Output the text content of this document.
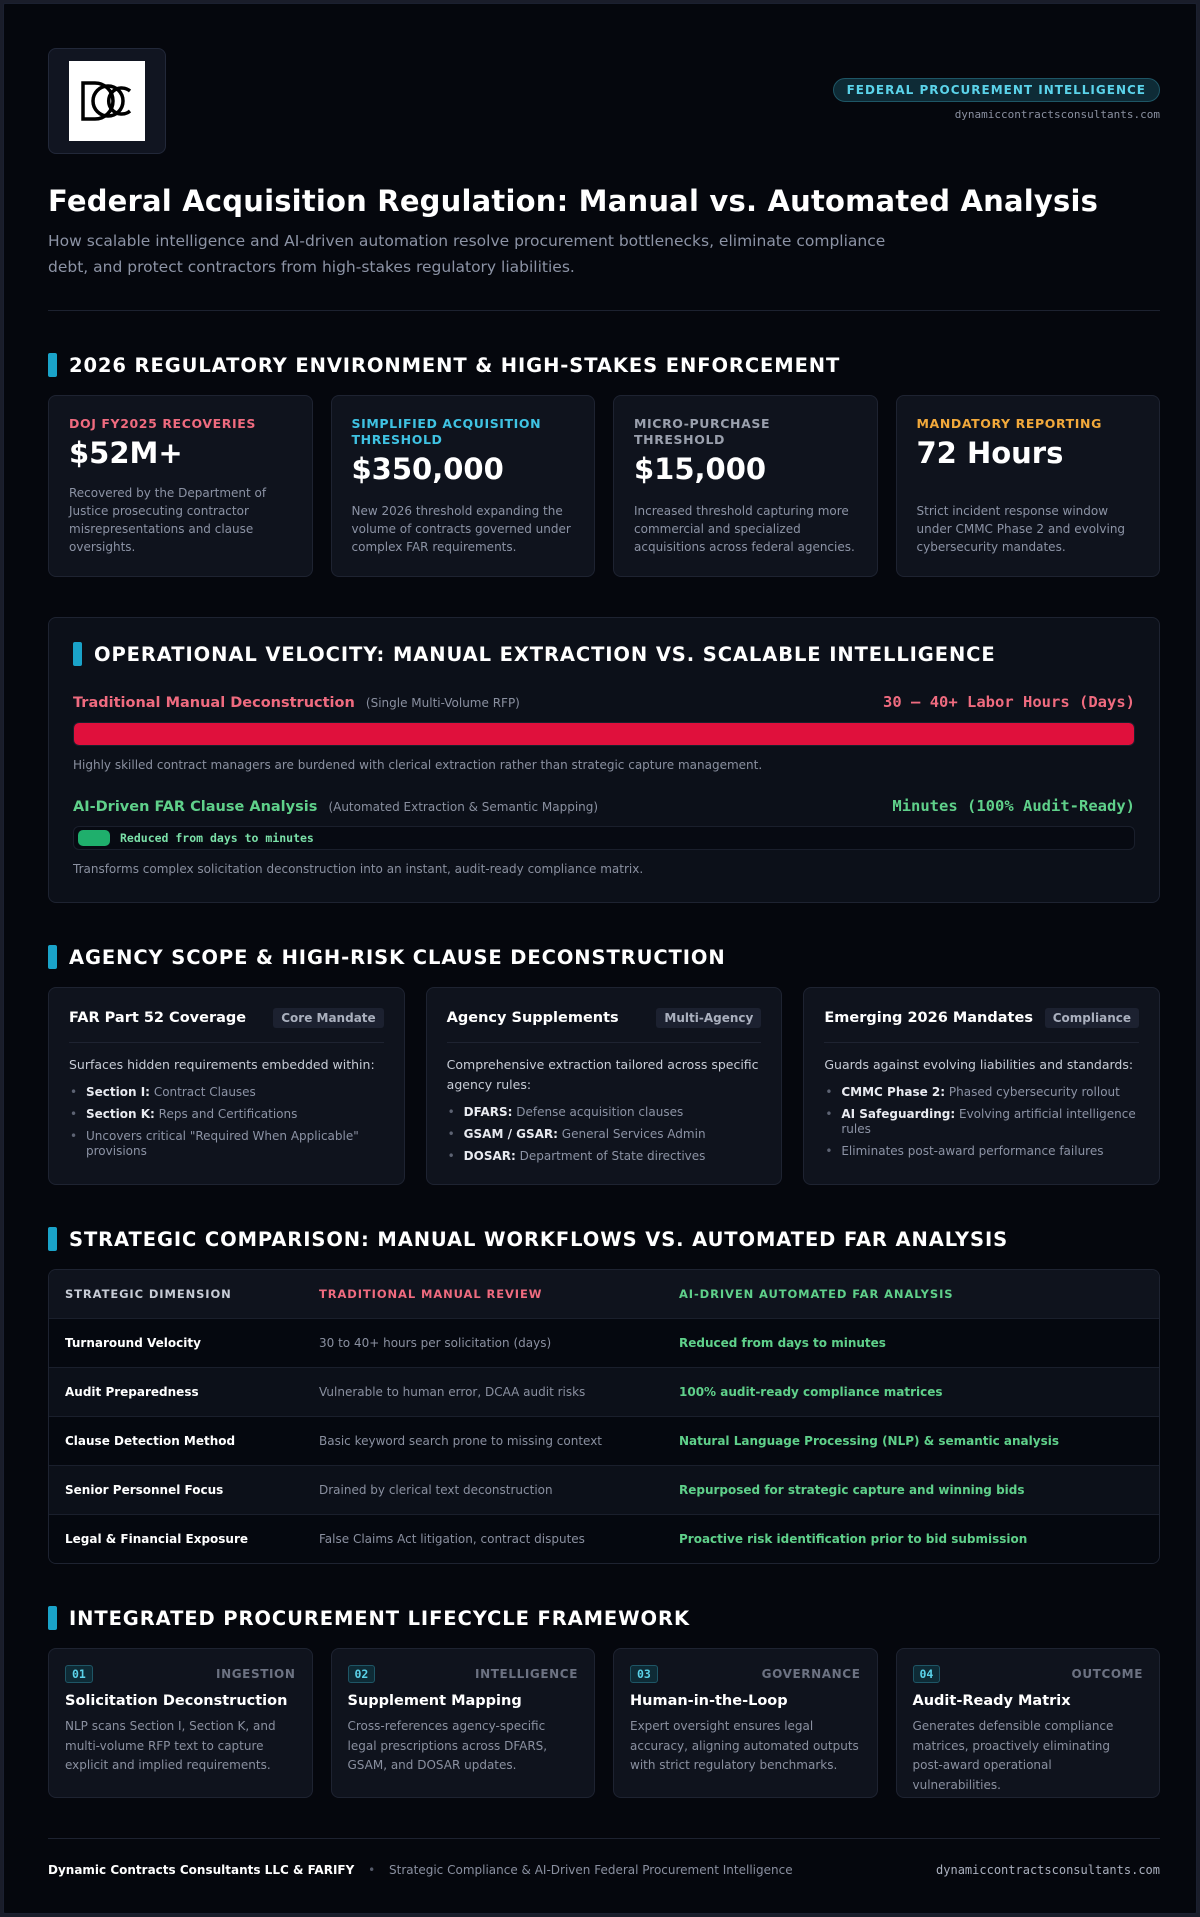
FEDERAL PROCUREMENT INTELLIGENCE
dynamiccontractsconsultants.com
Federal Acquisition Regulation: Manual vs. Automated Analysis

How scalable intelligence and AI-driven automation resolve procurement bottlenecks, eliminate compliance debt, and protect contractors from high-stakes regulatory liabilities.

2026 REGULATORY ENVIRONMENT & HIGH-STAKES ENFORCEMENT
DOJ FY2025 RECOVERIES
$52M+
Recovered by the Department of Justice prosecuting contractor misrepresentations and clause oversights.
SIMPLIFIED ACQUISITION THRESHOLD
$350,000
New 2026 threshold expanding the volume of contracts governed under complex FAR requirements.
MICRO-PURCHASE THRESHOLD
$15,000
Increased threshold capturing more commercial and specialized acquisitions across federal agencies.
MANDATORY REPORTING
72 Hours
Strict incident response window under CMMC Phase 2 and evolving cybersecurity mandates.
OPERATIONAL VELOCITY: MANUAL EXTRACTION VS. SCALABLE INTELLIGENCE
Traditional Manual Deconstruction (Single Multi-Volume RFP)	30 – 40+ Labor Hours (Days)
Highly skilled contract managers are burdened with clerical extraction rather than strategic capture management.
AI-Driven FAR Clause Analysis (Automated Extraction & Semantic Mapping)	Minutes (100% Audit-Ready)
Reduced from days to minutes
Transforms complex solicitation deconstruction into an instant, audit-ready compliance matrix.
AGENCY SCOPE & HIGH-RISK CLAUSE DECONSTRUCTION
FAR Part 52 Coverage	Core Mandate
Surfaces hidden requirements embedded within:
• Section I: Contract Clauses
• Section K: Reps and Certifications
• Uncovers critical "Required When Applicable" provisions
Agency Supplements	Multi-Agency
Comprehensive extraction tailored across specific agency rules:
• DFARS: Defense acquisition clauses
• GSAM / GSAR: General Services Admin
• DOSAR: Department of State directives
Emerging 2026 Mandates	Compliance
Guards against evolving liabilities and standards:
• CMMC Phase 2: Phased cybersecurity rollout
• AI Safeguarding: Evolving artificial intelligence rules
• Eliminates post-award performance failures
STRATEGIC COMPARISON: MANUAL WORKFLOWS VS. AUTOMATED FAR ANALYSIS
STRATEGIC DIMENSION	TRADITIONAL MANUAL REVIEW	AI-DRIVEN AUTOMATED FAR ANALYSIS
Turnaround Velocity	30 to 40+ hours per solicitation (days)	Reduced from days to minutes
Audit Preparedness	Vulnerable to human error, DCAA audit risks	100% audit-ready compliance matrices
Clause Detection Method	Basic keyword search prone to missing context	Natural Language Processing (NLP) & semantic analysis
Senior Personnel Focus	Drained by clerical text deconstruction	Repurposed for strategic capture and winning bids
Legal & Financial Exposure	False Claims Act litigation, contract disputes	Proactive risk identification prior to bid submission
INTEGRATED PROCUREMENT LIFECYCLE FRAMEWORK
01	INGESTION
Solicitation Deconstruction
NLP scans Section I, Section K, and multi-volume RFP text to capture explicit and implied requirements.
02	INTELLIGENCE
Supplement Mapping
Cross-references agency-specific legal prescriptions across DFARS, GSAM, and DOSAR updates.
03	GOVERNANCE
Human-in-the-Loop
Expert oversight ensures legal accuracy, aligning automated outputs with strict regulatory benchmarks.
04	OUTCOME
Audit-Ready Matrix
Generates defensible compliance matrices, proactively eliminating post-award operational vulnerabilities.
Dynamic Contracts Consultants LLC & FARIFY • Strategic Compliance & AI-Driven Federal Procurement Intelligence	dynamiccontractsconsultants.com
